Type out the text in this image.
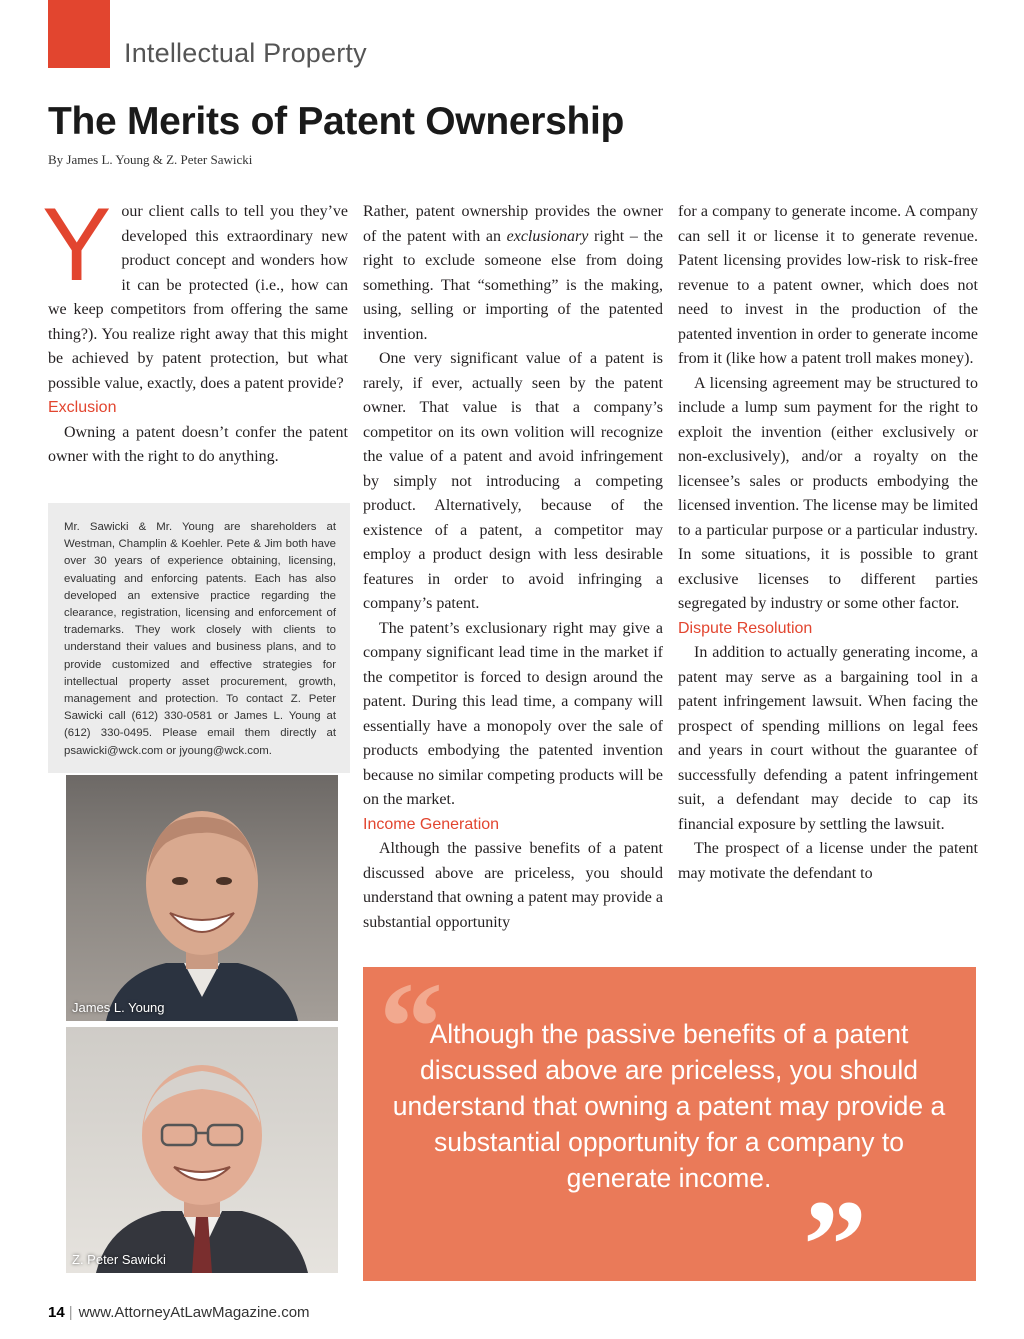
Intellectual Property
The Merits of Patent Ownership
By James L. Young & Z. Peter Sawicki

Your client calls to tell you they’ve developed this extraordinary new product concept and wonders how it can be protected (i.e., how can we keep competitors from offering the same thing?). You realize right away that this might be achieved by patent protection, but what possible value, exactly, does a patent provide?

Exclusion

Owning a patent doesn’t confer the patent owner with the right to do anything.

Mr. Sawicki & Mr. Young are shareholders at Westman, Champlin & Koehler. Pete & Jim both have over 30 years of experience obtaining, licensing, evaluating and enforcing patents. Each has also developed an extensive practice regarding the clearance, registration, licensing and enforcement of trademarks. They work closely with clients to understand their values and business plans, and to provide customized and effective strategies for intellectual property asset procurement, growth, management and protection. To contact Z. Peter Sawicki call (612) 330-0581 or James L. Young at (612) 330-0495. Please email them directly at psawicki@wck.com or jyoung@wck.com.
James L. Young
Z. Peter Sawicki

Rather, patent ownership provides the owner of the patent with an exclusionary right – the right to exclude someone else from doing something. That “something” is the making, using, selling or importing of the patented invention.

One very significant value of a patent is rarely, if ever, actually seen by the patent owner. That value is that a company’s competitor on its own volition will recognize the value of a patent and avoid infringement by simply not introducing a competing product. Alternatively, because of the existence of a patent, a competitor may employ a product design with less desirable features in order to avoid infringing a company’s patent.

The patent’s exclusionary right may give a company significant lead time in the market if the competitor is forced to design around the patent. During this lead time, a company will essentially have a monopoly over the sale of products embodying the patented invention because no similar competing products will be on the market.

Income Generation

Although the passive benefits of a patent discussed above are priceless, you should understand that owning a patent may provide a substantial opportunity

for a company to generate income. A company can sell it or license it to generate revenue. Patent licensing provides low-risk to risk-free revenue to a patent owner, which does not need to invest in the production of the patented invention in order to generate income from it (like how a patent troll makes money).

A licensing agreement may be structured to include a lump sum payment for the right to exploit the invention (either exclusively or non-exclusively), and/or a royalty on the licensee’s sales or products embodying the licensed invention. The license may be limited to a particular purpose or a particular industry. In some situations, it is possible to grant exclusive licenses to different parties segregated by industry or some other factor.

Dispute Resolution

In addition to actually generating income, a patent may serve as a bargaining tool in a patent infringement lawsuit. When facing the prospect of spending millions on legal fees and years in court without the guarantee of successfully defending a patent infringement suit, a defendant may decide to cap its financial exposure by settling the lawsuit.

The prospect of a license under the patent may motivate the defendant to

“
Although the passive benefits of a patent discussed above are priceless, you should understand that owning a patent may provide a substantial opportunity for a company to generate income. ”
14 | www.AttorneyAtLawMagazine.com
